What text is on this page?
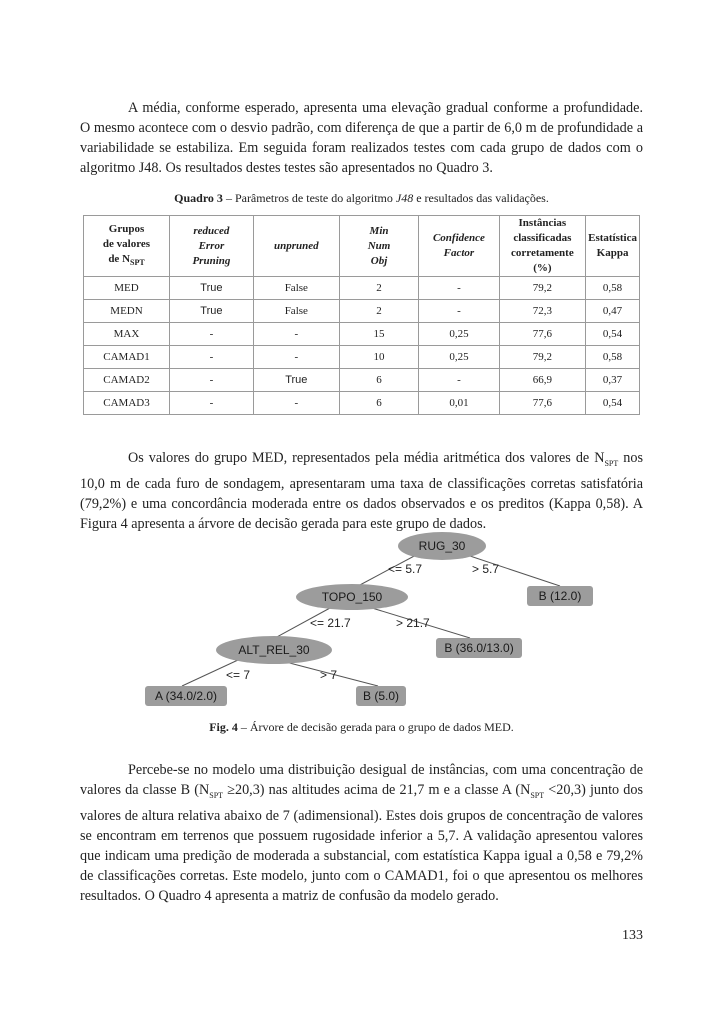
A média, conforme esperado, apresenta uma elevação gradual conforme a profundidade. O mesmo acontece com o desvio padrão, com diferença de que a partir de 6,0 m de profundidade a variabilidade se estabiliza. Em seguida foram realizados testes com cada grupo de dados com o algoritmo J48. Os resultados destes testes são apresentados no Quadro 3.

Quadro 3 – Parâmetros de teste do algoritmo J48 e resultados das validações.

Grupos
de valores
de $N_{SPT}$	reduced
Error
Pruning	unpruned	Min
Num
Obj	Confidence
Factor	Instâncias
classificadas
corretamente
(%)	Estatística
Kappa
MED	True	False	2	-	79,2	0,58
MEDN	True	False	2	-	72,3	0,47
MAX	-	-	15	0,25	77,6	0,54
CAMAD1	-	-	10	0,25	79,2	0,58
CAMAD2	-	True	6	-	66,9	0,37
CAMAD3	-	-	6	0,01	77,6	0,54

Os valores do grupo MED, representados pela média aritmética dos valores de $N_{SPT}$ nos 10,0 m de cada furo de sondagem, apresentaram uma taxa de classificações corretas satisfatória (79,2%) e uma concordância moderada entre os dados observados e os preditos (Kappa 0,58). A Figura 4 apresenta a árvore de decisão gerada para este grupo de dados.

RUG_30
<= 5.7	> 5.7
B (12.0)
TOPO_150
<= 21.7	> 21.7
B (36.0/13.0)
ALT_REL_30
<= 7	> 7
A (34.0/2.0)	B (5.0)

Fig. 4 – Árvore de decisão gerada para o grupo de dados MED.

Percebe-se no modelo uma distribuição desigual de instâncias, com uma concentração de valores da classe B $(N_{SPT} \ge 20,3)$ nas altitudes acima de 21,7 m e a classe A $(N_{SPT} <20,3)$ junto dos valores de altura relativa abaixo de 7 (adimensional). Estes dois grupos de concentração de valores se encontram em terrenos que possuem rugosidade inferior a 5,7. A validação apresentou valores que indicam uma predição de moderada a substancial, com estatística Kappa igual a 0,58 e 79,2% de classificações corretas. Este modelo, junto com o CAMAD1, foi o que apresentou os melhores resultados. O Quadro 4 apresenta a matriz de confusão da modelo gerado.

133
